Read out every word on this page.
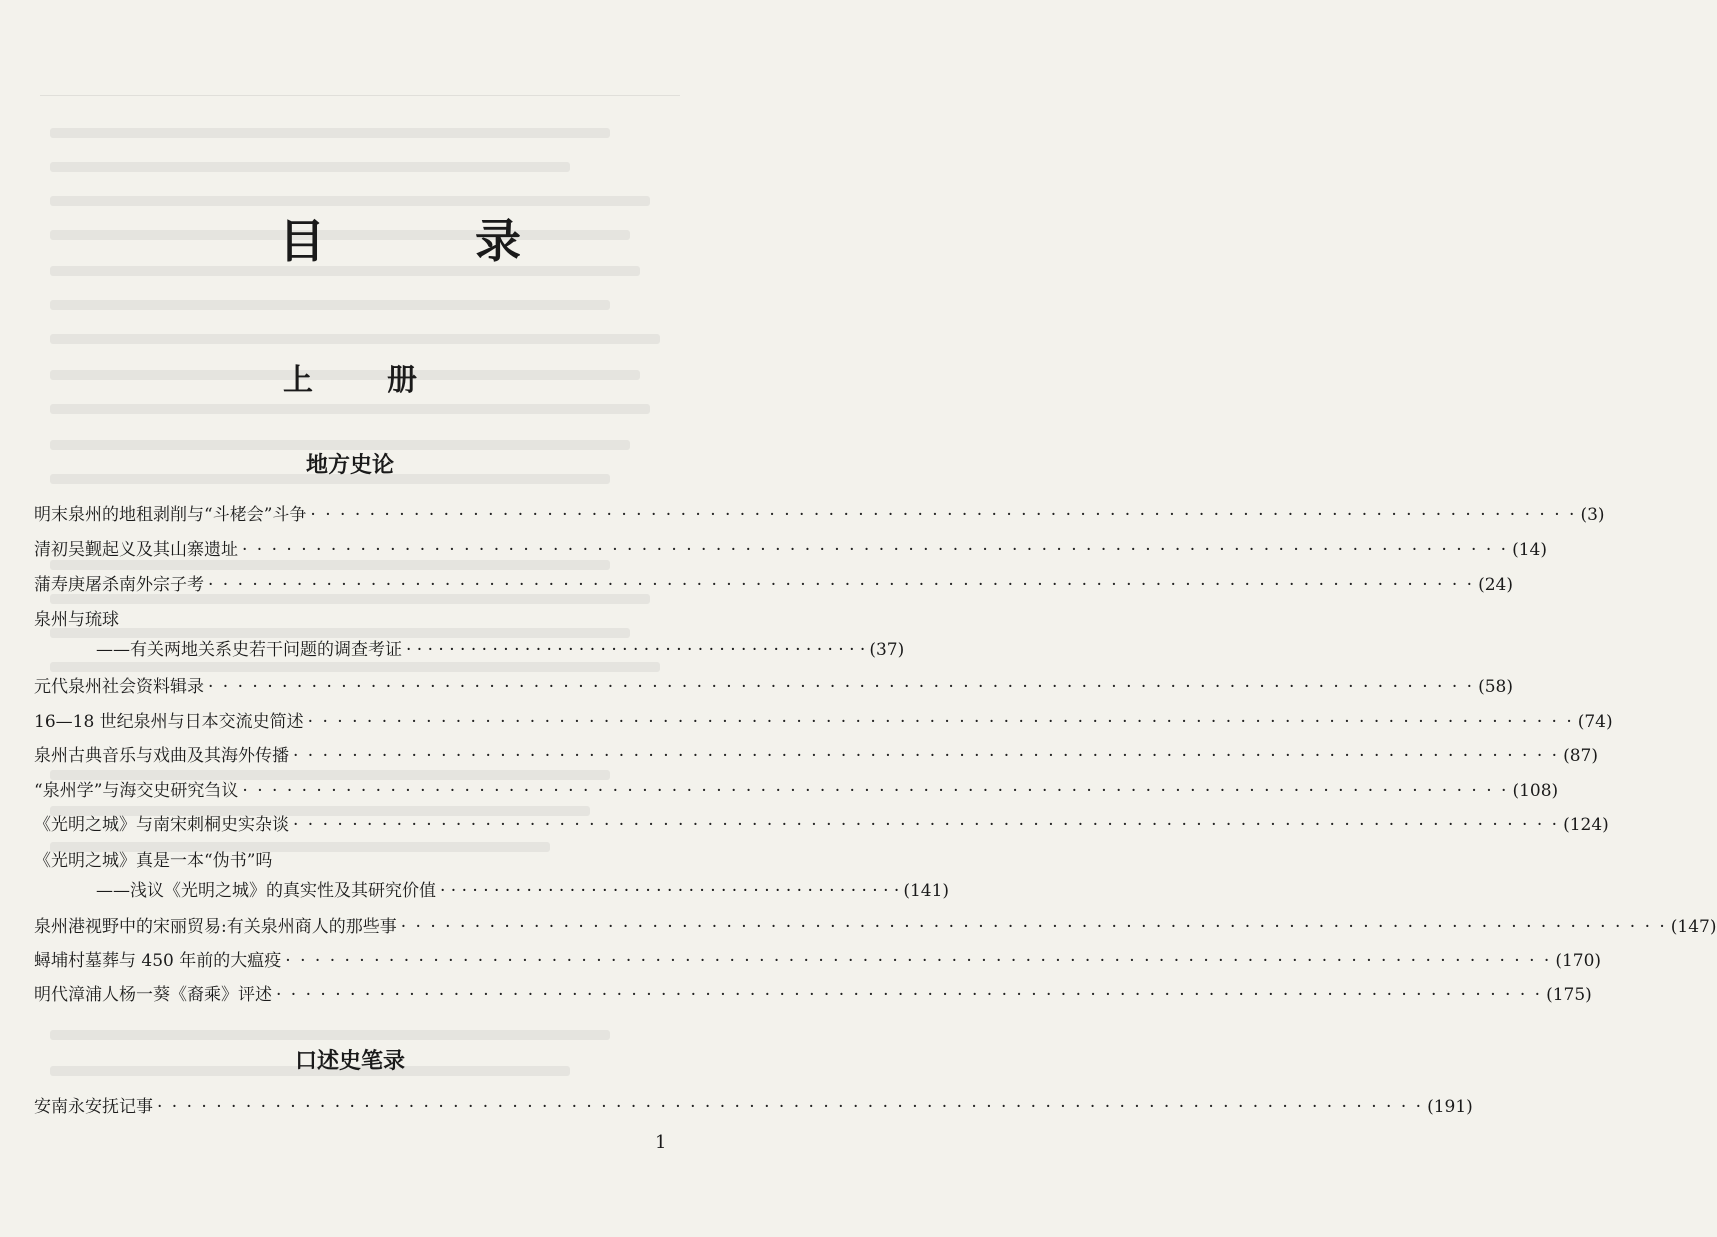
目　录
上　册
地方史论
明末泉州的地租剥削与“斗栳会”斗争 · · ·	(3)
清初吴觐起义及其山寨遗址 · · ·	(14)
蒲寿庚屠杀南外宗子考 · · ·	(24)
泉州与琉球
——有关两地关系史若干问题的调查考证 · · · · · · · · · · · · · · · · · · · · · · · · · · · · · · · · · · · · · · · · · · · (37)
元代泉州社会资料辑录 · · ·	(58)
16—18 世纪泉州与日本交流史简述 · · ·	(74)
泉州古典音乐与戏曲及其海外传播 · · ·	(87)
“泉州学”与海交史研究刍议 · · ·	(108)
《光明之城》与南宋刺桐史实杂谈 · · ·	(124)
《光明之城》真是一本“伪书”吗
——浅议《光明之城》的真实性及其研究价值 · · · · · · · · · · · · · · · · · · · · · · · · · · · · · · · · · · · · · · · · · · · (141)
泉州港视野中的宋丽贸易:有关泉州商人的那些事 · · ·	(147)
蟳埔村墓葬与 450 年前的大瘟疫 · · ·	(170)
明代漳浦人杨一葵《裔乘》评述 · · ·	(175)
口述史笔录
安南永安抚记事 · · ·	(191)
1
